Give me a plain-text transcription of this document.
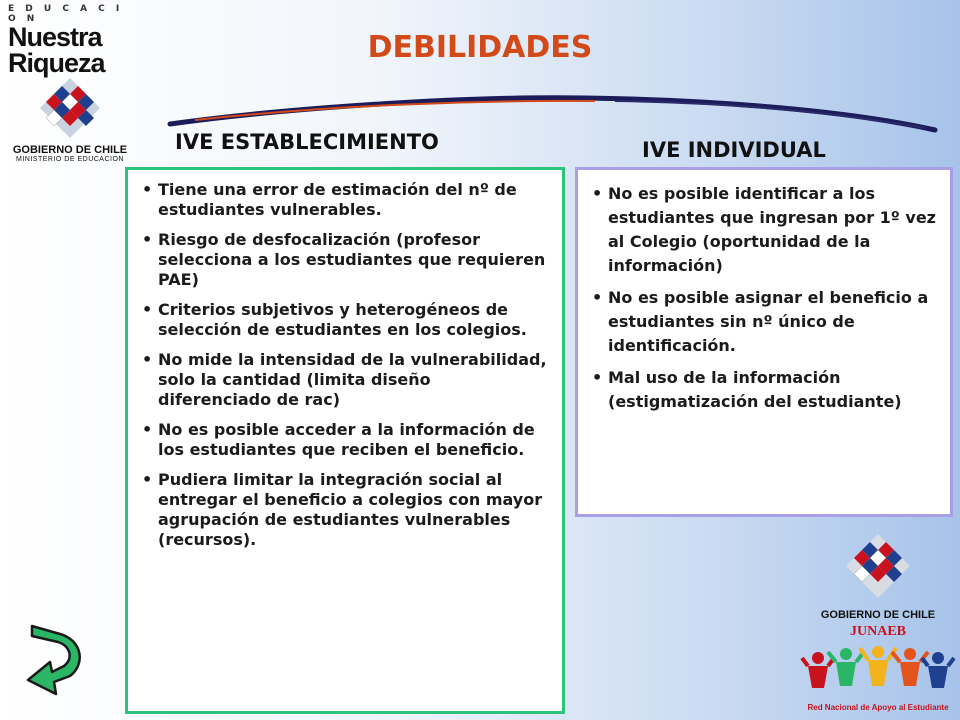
E D U C A C I O N
Nuestra
Riqueza
GOBIERNO DE CHILE
MINISTERIO DE EDUCACION
DEBILIDADES
IVE ESTABLECIMIENTO	IVE INDIVIDUAL
• Tiene una error de estimación del nº de estudiantes vulnerables.
• Riesgo de desfocalización (profesor selecciona a los estudiantes que requieren PAE)
• Criterios subjetivos y heterogéneos de selección de estudiantes en los colegios.
• No mide la intensidad de la vulnerabilidad, solo la cantidad (limita diseño diferenciado de rac)
• No es posible acceder a la información de los estudiantes que reciben el beneficio.
• Pudiera limitar la integración social al entregar el beneficio a colegios con mayor agrupación de estudiantes vulnerables (recursos).
• No es posible identificar a los estudiantes que ingresan por 1º vez al Colegio (oportunidad de la información)
• No es posible asignar el beneficio a estudiantes sin nº único de identificación.
• Mal uso de la información (estigmatización del estudiante)
GOBIERNO DE CHILE
JUNAEB
Red Nacional de Apoyo al Estudiante
